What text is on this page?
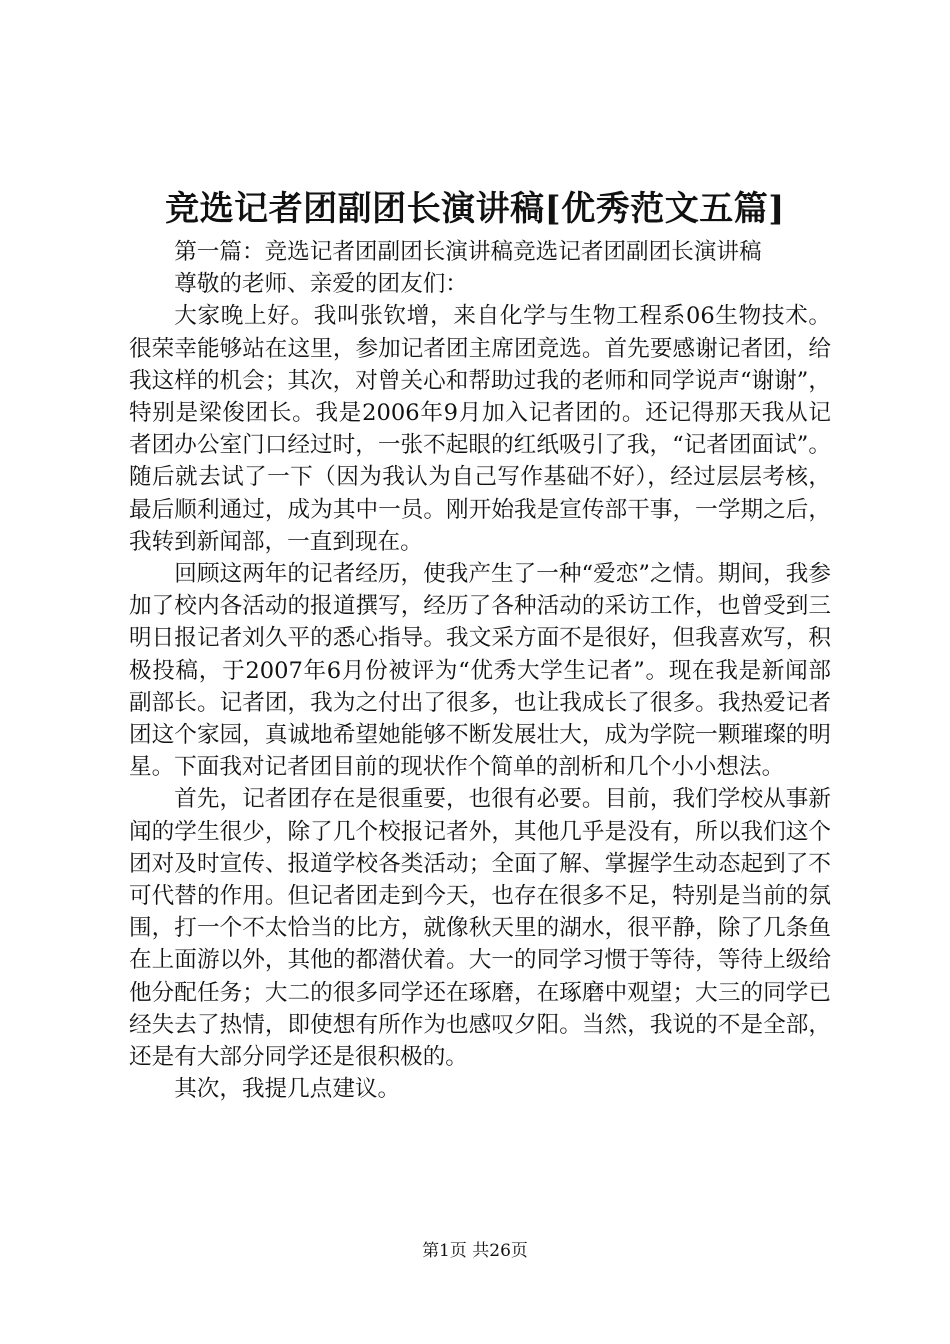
竞选记者团副团长演讲稿[优秀范文五篇]

第一篇：竞选记者团副团长演讲稿竞选记者团副团长演讲稿

尊敬的老师、亲爱的团友们：

大家晚上好。我叫张钦增，来自化学与生物工程系06生物技术。很荣幸能够站在这里，参加记者团主席团竞选。首先要感谢记者团，给我这样的机会；其次，对曾关心和帮助过我的老师和同学说声“谢谢”，特别是梁俊团长。我是2006年9月加入记者团的。还记得那天我从记者团办公室门口经过时，一张不起眼的红纸吸引了我，“记者团面试”。随后就去试了一下（因为我认为自己写作基础不好），经过层层考核，最后顺利通过，成为其中一员。刚开始我是宣传部干事，一学期之后，我转到新闻部，一直到现在。

回顾这两年的记者经历，使我产生了一种“爱恋”之情。期间，我参加了校内各活动的报道撰写，经历了各种活动的采访工作，也曾受到三明日报记者刘久平的悉心指导。我文采方面不是很好，但我喜欢写，积极投稿，于2007年6月份被评为“优秀大学生记者”。现在我是新闻部副部长。记者团，我为之付出了很多，也让我成长了很多。我热爱记者团这个家园，真诚地希望她能够不断发展壮大，成为学院一颗璀璨的明星。下面我对记者团目前的现状作个简单的剖析和几个小小想法。

首先，记者团存在是很重要，也很有必要。目前，我们学校从事新闻的学生很少，除了几个校报记者外，其他几乎是没有，所以我们这个团对及时宣传、报道学校各类活动；全面了解、掌握学生动态起到了不可代替的作用。但记者团走到今天，也存在很多不足，特别是当前的氛围，打一个不太恰当的比方，就像秋天里的湖水，很平静，除了几条鱼在上面游以外，其他的都潜伏着。大一的同学习惯于等待，等待上级给他分配任务；大二的很多同学还在琢磨，在琢磨中观望；大三的同学已经失去了热情，即使想有所作为也感叹夕阳。当然，我说的不是全部，还是有大部分同学还是很积极的。

其次，我提几点建议。

第1页 共26页
